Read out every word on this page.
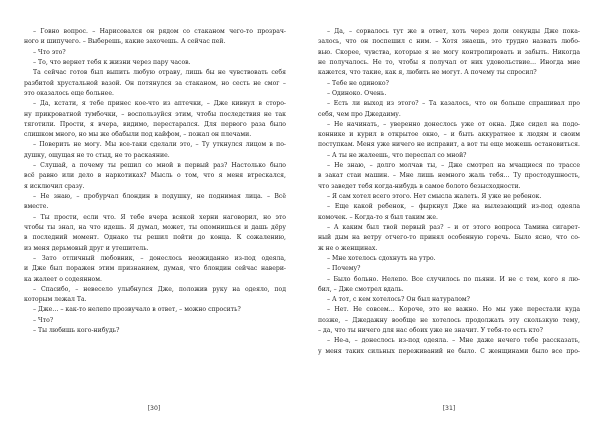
– Говно вопрос. – Нарисовался он рядом со стаканом чего-то прозрач-
ного и шипучего. – Выберешь, какие захочешь. А сейчас пей.
– Что это?
– То, что вернет тебя к жизни через пару часов.
Та сейчас готов был выпить любую отраву, лишь бы не чувствовать себя
разбитой хрустальной вазой. Он потянулся за стаканом, но сесть не смог –
это оказалось еще больнее.
– Да, кстати, я тебе принес кое-что из аптечки, – Дже кивнул в сторо-
ну прикроватной тумбочки, – воспользуйся этим, чтобы последствия не так
тяготили. Прости, я вчера, видимо, перестарался. Для первого раза было
слишком много, но мы же обабыли под кайфом, – пожал он плечами.
– Поверить не могу. Мы все-таки сделали это, – Ту уткнулся лицом в по-
душку, ощущая не то стыд, не то раскаяние.
– Слушай, а почему ты решил со мной в первый раз? Настолько было
всё равно или дело в наркотиках? Мысль о том, что я меня втрескался,
я исключил сразу.
– Не знаю, – пробурчал блондин в подушку, не поднимая лица. – Всё
вместе.
– Ты прости, если что. Я тебе вчера всякой херни наговорил, но это
чтобы ты знал, на что идешь. Я думал, может, ты опомнишься и дашь дёру
в последний момент. Однако ты решил пойти до конца. К сожалению,
из меня дерьмовый друг и утешитель.
– Зато отличный любовник, – донеслось неожиданно из-под одеяла,
и Дже был поражен этим признанием, думая, что блондин сейчас навери-
ка жалеет о содеянном.
– Спасибо, – невесело улыбнулся Дже, положив руку на одеяло, под
которым лежал Та.
– Дже… – как-то нелепо прозвучало в ответ, – можно спросить?
– Что?
– Ты любишь кого-нибудь?
– Да, – сорвалось тут же в ответ, хоть через доли секунды Дже пока-
залось, что он поспешил с ним. – Хотя знаешь, это трудно назвать любо-
вью. Скорее, чувства, которые я не могу контролировать и забыть. Никогда
не получалось. Не то, чтобы я получал от них удовольствие… Иногда мне
кажется, что такие, как я, любить не могут. А почему ты спросил?
– Тебе не одиноко?
– Одиноко. Очень.
– Есть ли выход из этого? – Та казалось, что он больше спрашивал про
себя, чем про Джедаиму.
– Не начинать, – уверенно донеслось уже от окна. Дже сидел на подо-
коннике и курил в открытое окно, – и быть аккуратнее к людям и своим
поступкам. Меня уже ничего не исправит, а вот ты еще можешь остановиться.
– А ты не жалеешь, что переспал со мной?
– Не знаю, – долго молчав ты, – Дже смотрел на мчащиеся по трассе
в закат стаи машин. – Мне лишь немного жаль тебя… Ту простодушность,
что заведет тебя когда-нибудь в самое болото безысходности.
– Я сам хотел всего этого. Нет смысла жалеть. Я уже не ребенок.
– Еще какой ребенок, – фыркнул Дже на вылезающий из-под одеяла
комочек. – Когда-то я был таким же.
– А каким был твой первый раз? – и от этого вопроса Тамина сигарет-
ный дым на ветру отчего-то принял особенную горечь. Было ясно, что со-
ж не о женщинах.
– Мне хотелось сдохнуть на утро.
– Почему?
– Было больно. Нелепо. Все случилось по пьяни. И не с тем, кого я лю-
бил, – Дже смотрел вдаль.
– А тот, с кем хотелось? Он был натуралом?
– Нет. Не совсем… Короче, это не важно. Но мы уже перестали куда
позже, – Джедажну вообще не хотелось продолжать эту скользкую тему,
– да, что ты ничего для нас обоих уже не значит. У тебя-то есть кто?
– Не-а, – донеслось из-под одеяла. – Мне даже нечего тебе рассказать,
у меня таких сильных переживаний не было. С женщинами было все про-
[30]	[31]
